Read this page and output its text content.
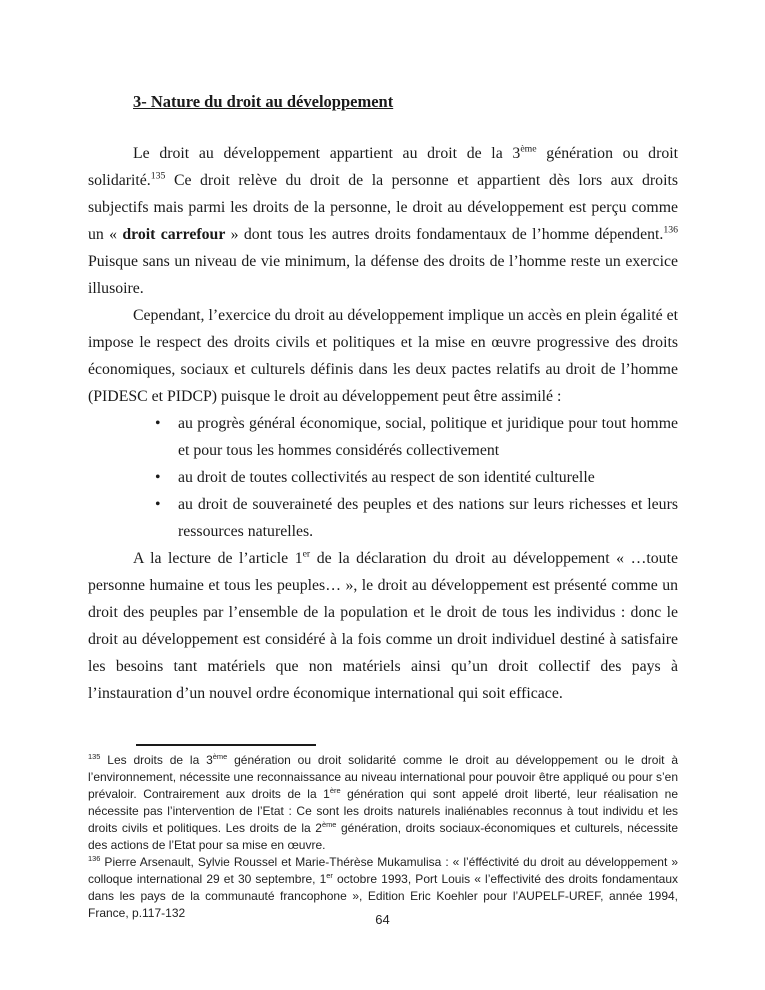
3- Nature du droit au développement

Le droit au développement appartient au droit de la 3ème génération ou droit solidarité.$^{135}$ Ce droit relève du droit de la personne et appartient dès lors aux droits subjectifs mais parmi les droits de la personne, le droit au développement est perçu comme un « droit carrefour » dont tous les autres droits fondamentaux de l’homme dépendent.$^{136}$ Puisque sans un niveau de vie minimum, la défense des droits de l’homme reste un exercice illusoire.

Cependant, l’exercice du droit au développement implique un accès en plein égalité et impose le respect des droits civils et politiques et la mise en œuvre progressive des droits économiques, sociaux et culturels définis dans les deux pactes relatifs au droit de l’homme (PIDESC et PIDCP) puisque le droit au développement peut être assimilé :

• au progrès général économique, social, politique et juridique pour tout homme et pour tous les hommes considérés collectivement
• au droit de toutes collectivités au respect de son identité culturelle
• au droit de souveraineté des peuples et des nations sur leurs richesses et leurs ressources naturelles.

A la lecture de l’article 1er de la déclaration du droit au développement « …toute personne humaine et tous les peuples… », le droit au développement est présenté comme un droit des peuples par l’ensemble de la population et le droit de tous les individus : donc le droit au développement est considéré à la fois comme un droit individuel destiné à satisfaire les besoins tant matériels que non matériels ainsi qu’un droit collectif des pays à l’instauration d’un nouvel ordre économique international qui soit efficace.

$^{135}$ Les droits de la 3ème génération ou droit solidarité comme le droit au développement ou le droit à l’environnement, nécessite une reconnaissance au niveau international pour pouvoir être appliqué ou pour s’en prévaloir. Contrairement aux droits de la 1ère génération qui sont appelé droit liberté, leur réalisation ne nécessite pas l’intervention de l’Etat : Ce sont les droits naturels inaliénables reconnus à tout individu et les droits civils et politiques. Les droits de la 2ème génération, droits sociaux-économiques et culturels, nécessite des actions de l’Etat pour sa mise en œuvre.

$^{136}$ Pierre Arsenault, Sylvie Roussel et Marie-Thérèse Mukamulisa : « l’éfféctivité du droit au développement » colloque international 29 et 30 septembre, 1er octobre 1993, Port Louis « l’effectivité des droits fondamentaux dans les pays de la communauté francophone », Edition Eric Koehler pour l’AUPELF-UREF, année 1994, France, p.117-132	64
